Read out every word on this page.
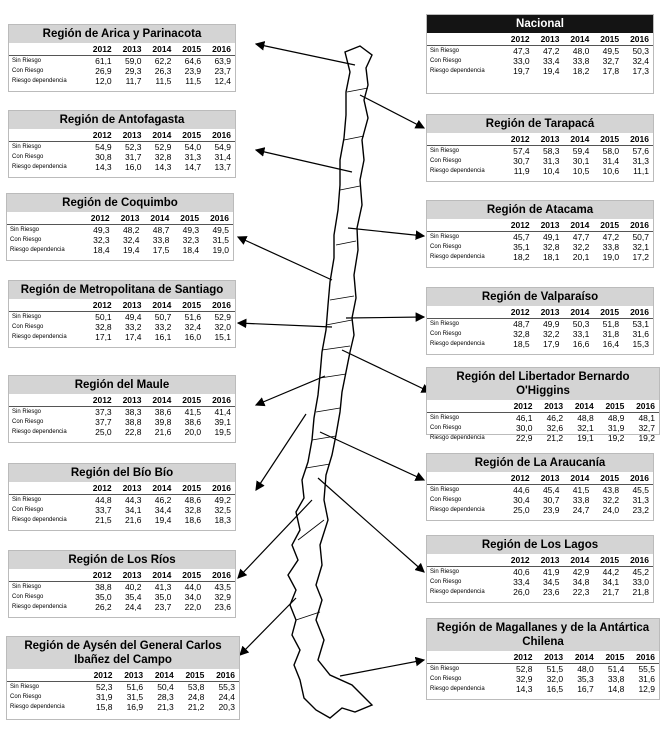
Nacional
	2012	2013	2014	2015	2016
Sin Riesgo	47,3	47,2	48,0	49,5	50,3
Con Riesgo	33,0	33,4	33,8	32,7	32,4
Riesgo dependencia	19,7	19,4	18,2	17,8	17,3
Región de Arica y Parinacota
	2012	2013	2014	2015	2016
Sin Riesgo	61,1	59,0	62,2	64,6	63,9
Con Riesgo	26,9	29,3	26,3	23,9	23,7
Riesgo dependencia	12,0	11,7	11,5	11,5	12,4
Región de Tarapacá
	2012	2013	2014	2015	2016
Sin Riesgo	57,4	58,3	59,4	58,0	57,6
Con Riesgo	30,7	31,3	30,1	31,4	31,3
Riesgo dependencia	11,9	10,4	10,5	10,6	11,1
Región de Antofagasta
	2012	2013	2014	2015	2016
Sin Riesgo	54,9	52,3	52,9	54,0	54,9
Con Riesgo	30,8	31,7	32,8	31,3	31,4
Riesgo dependencia	14,3	16,0	14,3	14,7	13,7
Región de Atacama
	2012	2013	2014	2015	2016
Sin Riesgo	45,7	49,1	47,7	47,2	50,7
Con Riesgo	35,1	32,8	32,2	33,8	32,1
Riesgo dependencia	18,2	18,1	20,1	19,0	17,2
Región de Coquimbo
	2012	2013	2014	2015	2016
Sin Riesgo	49,3	48,2	48,7	49,3	49,5
Con Riesgo	32,3	32,4	33,8	32,3	31,5
Riesgo dependencia	18,4	19,4	17,5	18,4	19,0
Región de Valparaíso
	2012	2013	2014	2015	2016
Sin Riesgo	48,7	49,9	50,3	51,8	53,1
Con Riesgo	32,8	32,2	33,1	31,8	31,6
Riesgo dependencia	18,5	17,9	16,6	16,4	15,3
Región de Metropolitana de Santiago
	2012	2013	2014	2015	2016
Sin Riesgo	50,1	49,4	50,7	51,6	52,9
Con Riesgo	32,8	33,2	33,2	32,4	32,0
Riesgo dependencia	17,1	17,4	16,1	16,0	15,1
Región del Libertador Bernardo O'Higgins
	2012	2013	2014	2015	2016
Sin Riesgo	46,1	46,2	48,8	48,9	48,1
Con Riesgo	30,0	32,6	32,1	31,9	32,7
Riesgo dependencia	22,9	21,2	19,1	19,2	19,2
Región del Maule
	2012	2013	2014	2015	2016
Sin Riesgo	37,3	38,3	38,6	41,5	41,4
Con Riesgo	37,7	38,8	39,8	38,6	39,1
Riesgo dependencia	25,0	22,8	21,6	20,0	19,5
Región de La Araucanía
	2012	2013	2014	2015	2016
Sin Riesgo	44,6	45,4	41,5	43,8	45,5
Con Riesgo	30,4	30,7	33,8	32,2	31,3
Riesgo dependencia	25,0	23,9	24,7	24,0	23,2
Región del Bío Bío
	2012	2013	2014	2015	2016
Sin Riesgo	44,8	44,3	46,2	48,6	49,2
Con Riesgo	33,7	34,1	34,4	32,8	32,5
Riesgo dependencia	21,5	21,6	19,4	18,6	18,3
Región de Los Lagos
	2012	2013	2014	2015	2016
Sin Riesgo	40,6	41,9	42,9	44,2	45,2
Con Riesgo	33,4	34,5	34,8	34,1	33,0
Riesgo dependencia	26,0	23,6	22,3	21,7	21,8
Región de Los Ríos
	2012	2013	2014	2015	2016
Sin Riesgo	38,8	40,2	41,3	44,0	43,5
Con Riesgo	35,0	35,4	35,0	34,0	32,9
Riesgo dependencia	26,2	24,4	23,7	22,0	23,6
Región de Magallanes y de la Antártica Chilena
	2012	2013	2014	2015	2016
Sin Riesgo	52,8	51,5	48,0	51,4	55,5
Con Riesgo	32,9	32,0	35,3	33,8	31,6
Riesgo dependencia	14,3	16,5	16,7	14,8	12,9
Región de Aysén del General Carlos Ibañez del Campo
	2012	2013	2014	2015	2016
Sin Riesgo	52,3	51,6	50,4	53,8	55,3
Con Riesgo	31,9	31,5	28,3	24,8	24,4
Riesgo dependencia	15,8	16,9	21,3	21,2	20,3
